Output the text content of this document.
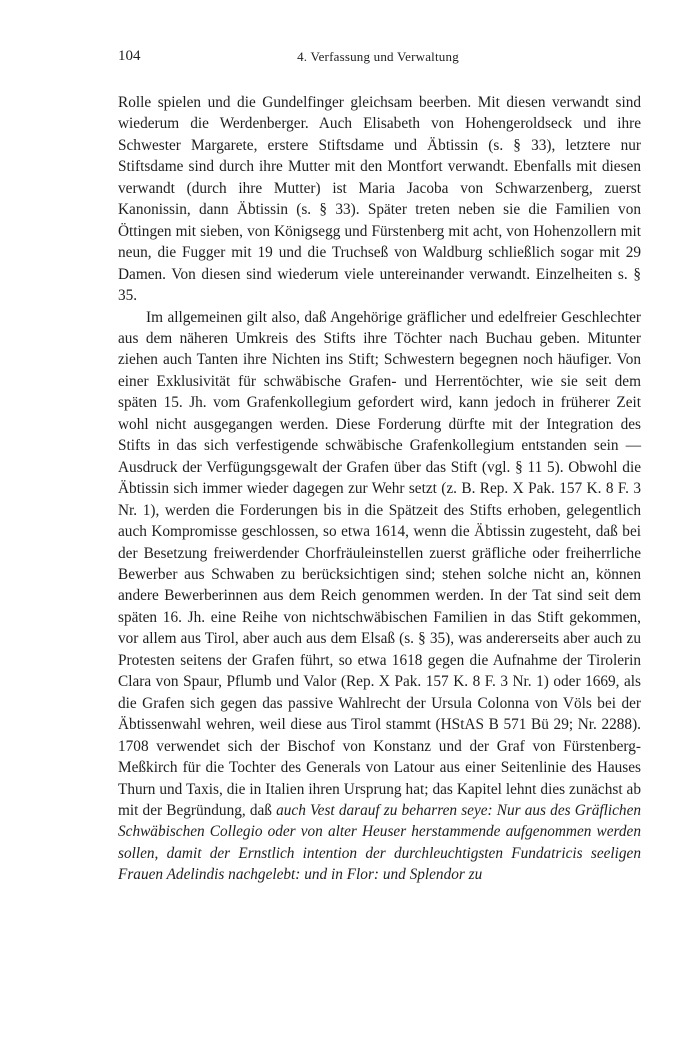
104	4. Verfassung und Verwaltung

Rolle spielen und die Gundelfinger gleichsam beerben. Mit diesen verwandt sind wiederum die Werdenberger. Auch Elisabeth von Hohengeroldseck und ihre Schwester Margarete, erstere Stiftsdame und Äbtissin (s. § 33), letztere nur Stiftsdame sind durch ihre Mutter mit den Montfort verwandt. Ebenfalls mit diesen verwandt (durch ihre Mutter) ist Maria Jacoba von Schwarzenberg, zuerst Kanonissin, dann Äbtissin (s. § 33). Später treten neben sie die Familien von Öttingen mit sieben, von Königsegg und Fürstenberg mit acht, von Hohenzollern mit neun, die Fugger mit 19 und die Truchseß von Waldburg schließlich sogar mit 29 Damen. Von diesen sind wiederum viele untereinander verwandt. Einzelheiten s. § 35.

Im allgemeinen gilt also, daß Angehörige gräflicher und edelfreier Geschlechter aus dem näheren Umkreis des Stifts ihre Töchter nach Buchau geben. Mitunter ziehen auch Tanten ihre Nichten ins Stift; Schwestern begegnen noch häufiger. Von einer Exklusivität für schwäbische Grafen- und Herrentöchter, wie sie seit dem späten 15. Jh. vom Grafenkollegium gefordert wird, kann jedoch in früherer Zeit wohl nicht ausgegangen werden. Diese Forderung dürfte mit der Integration des Stifts in das sich verfestigende schwäbische Grafenkollegium entstanden sein — Ausdruck der Verfügungsgewalt der Grafen über das Stift (vgl. § 11 5). Obwohl die Äbtissin sich immer wieder dagegen zur Wehr setzt (z. B. Rep. X Pak. 157 K. 8 F. 3 Nr. 1), werden die Forderungen bis in die Spätzeit des Stifts erhoben, gelegentlich auch Kompromisse geschlossen, so etwa 1614, wenn die Äbtissin zugesteht, daß bei der Besetzung freiwerdender Chorfräuleinstellen zuerst gräfliche oder freiherrliche Bewerber aus Schwaben zu berücksichtigen sind; stehen solche nicht an, können andere Bewerberinnen aus dem Reich genommen werden. In der Tat sind seit dem späten 16. Jh. eine Reihe von nichtschwäbischen Familien in das Stift gekommen, vor allem aus Tirol, aber auch aus dem Elsaß (s. § 35), was andererseits aber auch zu Protesten seitens der Grafen führt, so etwa 1618 gegen die Aufnahme der Tirolerin Clara von Spaur, Pflumb und Valor (Rep. X Pak. 157 K. 8 F. 3 Nr. 1) oder 1669, als die Grafen sich gegen das passive Wahlrecht der Ursula Colonna von Völs bei der Äbtissenwahl wehren, weil diese aus Tirol stammt (HStAS B 571 Bü 29; Nr. 2288). 1708 verwendet sich der Bischof von Konstanz und der Graf von Fürstenberg-Meßkirch für die Tochter des Generals von Latour aus einer Seitenlinie des Hauses Thurn und Taxis, die in Italien ihren Ursprung hat; das Kapitel lehnt dies zunächst ab mit der Begründung, daß auch Vest darauf zu beharren seye: Nur aus des Gräflichen Schwäbischen Collegio oder von alter Heuser herstammende aufgenommen werden sollen, damit der Ernstlich intention der durchleuchtigsten Fundatricis seeligen Frauen Adelindis nachgelebt: und in Flor: und Splendor zu
